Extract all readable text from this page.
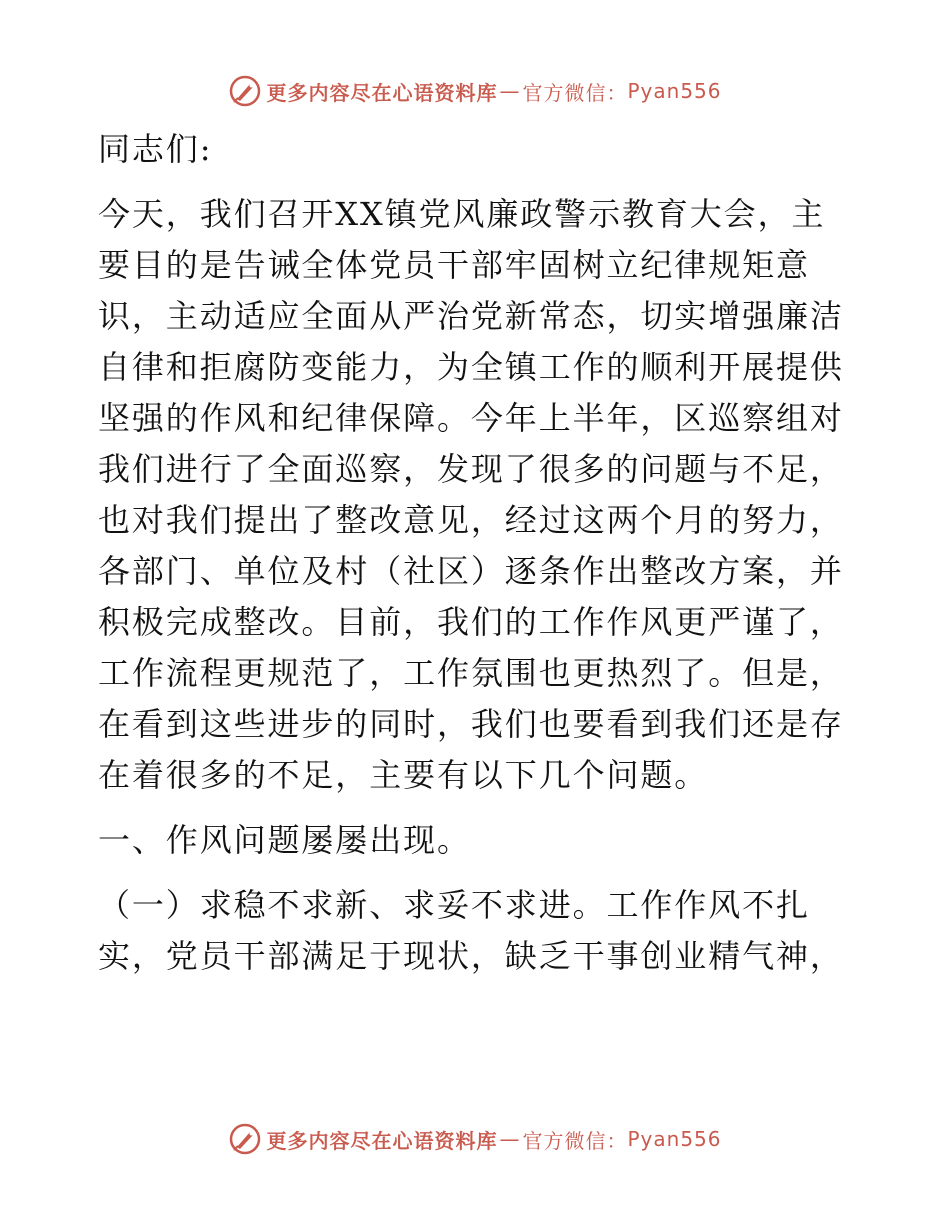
更多内容尽在心语资料库 — 官方微信： Pyan556
同志们:
今天，我们召开XX镇党风廉政警示教育大会，主
要目的是告诫全体党员干部牢固树立纪律规矩意
识，主动适应全面从严治党新常态，切实增强廉洁
自律和拒腐防变能力，为全镇工作的顺利开展提供
坚强的作风和纪律保障。今年上半年，区巡察组对
我们进行了全面巡察，发现了很多的问题与不足，
也对我们提出了整改意见，经过这两个月的努力，
各部门、单位及村（社区）逐条作出整改方案，并
积极完成整改。目前，我们的工作作风更严谨了，
工作流程更规范了，工作氛围也更热烈了。但是，
在看到这些进步的同时，我们也要看到我们还是存
在着很多的不足，主要有以下几个问题。
一、作风问题屡屡出现。
（一）求稳不求新、求妥不求进。工作作风不扎
实，党员干部满足于现状，缺乏干事创业精气神，
更多内容尽在心语资料库 — 官方微信： Pyan556
